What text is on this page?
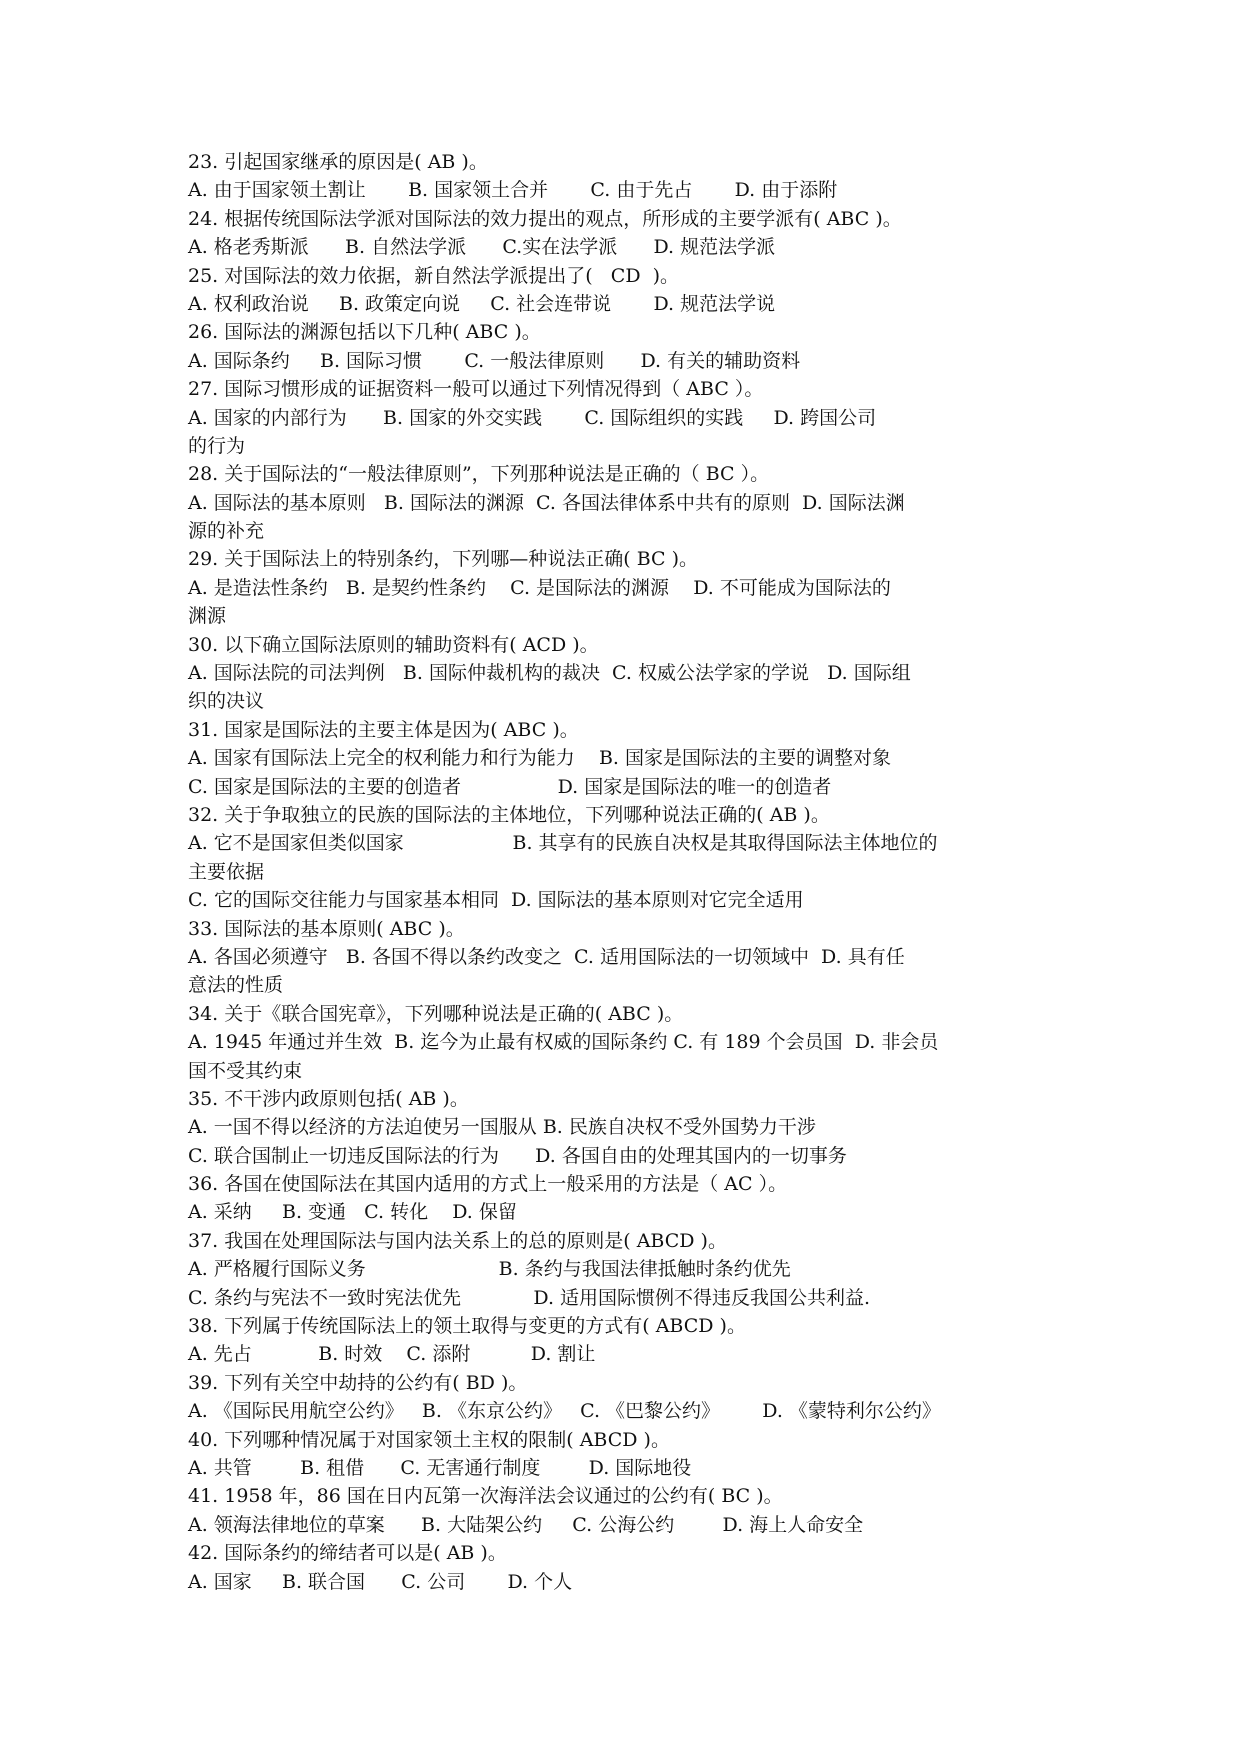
23. 引起国家继承的原因是( AB )。
A. 由于国家领土割让       B. 国家领土合并       C. 由于先占       D. 由于添附
24. 根据传统国际法学派对国际法的效力提出的观点，所形成的主要学派有( ABC )。
A. 格老秀斯派      B. 自然法学派      C.实在法学派      D. 规范法学派
25. 对国际法的效力依据，新自然法学派提出了(   CD  )。
A. 权利政治说     B. 政策定向说     C. 社会连带说       D. 规范法学说
26. 国际法的渊源包括以下几种( ABC )。
A. 国际条约     B. 国际习惯       C. 一般法律原则      D. 有关的辅助资料
27. 国际习惯形成的证据资料一般可以通过下列情况得到（ ABC ）。
A. 国家的内部行为      B. 国家的外交实践       C. 国际组织的实践     D. 跨国公司
的行为
28. 关于国际法的“一般法律原则”，下列那种说法是正确的（ BC ）。
A. 国际法的基本原则   B. 国际法的渊源  C. 各国法律体系中共有的原则  D. 国际法渊
源的补充
29. 关于国际法上的特别条约，下列哪—种说法正确( BC )。
A. 是造法性条约   B. 是契约性条约    C. 是国际法的渊源    D. 不可能成为国际法的
渊源
30. 以下确立国际法原则的辅助资料有( ACD )。
A. 国际法院的司法判例   B. 国际仲裁机构的裁决  C. 权威公法学家的学说   D. 国际组
织的决议
31. 国家是国际法的主要主体是因为( ABC )。
A. 国家有国际法上完全的权利能力和行为能力    B. 国家是国际法的主要的调整对象
C. 国家是国际法的主要的创造者                D. 国家是国际法的唯一的创造者
32. 关于争取独立的民族的国际法的主体地位，下列哪种说法正确的( AB )。
A. 它不是国家但类似国家                  B. 其享有的民族自决权是其取得国际法主体地位的
主要依据
C. 它的国际交往能力与国家基本相同  D. 国际法的基本原则对它完全适用
33. 国际法的基本原则( ABC )。
A. 各国必须遵守   B. 各国不得以条约改变之  C. 适用国际法的一切领域中  D. 具有任
意法的性质
34. 关于《联合国宪章》，下列哪种说法是正确的( ABC )。
A. 1945 年通过并生效  B. 迄今为止最有权威的国际条约 C. 有 189 个会员国  D. 非会员
国不受其约束
35. 不干涉内政原则包括( AB )。
A. 一国不得以经济的方法迫使另一国服从 B. 民族自决权不受外国势力干涉
C. 联合国制止一切违反国际法的行为      D. 各国自由的处理其国内的一切事务
36. 各国在使国际法在其国内适用的方式上一般采用的方法是（ AC ）。
A. 采纳     B. 变通   C. 转化    D. 保留
37. 我国在处理国际法与国内法关系上的总的原则是( ABCD )。
A. 严格履行国际义务                      B. 条约与我国法律抵触时条约优先
C. 条约与宪法不一致时宪法优先            D. 适用国际惯例不得违反我国公共利益.
38. 下列属于传统国际法上的领土取得与变更的方式有( ABCD )。
A. 先占           B. 时效    C. 添附          D. 割让
39. 下列有关空中劫持的公约有( BD )。
A. 《国际民用航空公约》   B. 《东京公约》   C. 《巴黎公约》       D. 《蒙特利尔公约》
40. 下列哪种情况属于对国家领土主权的限制( ABCD )。
A. 共管        B. 租借      C. 无害通行制度        D. 国际地役
41. 1958 年，86 国在日内瓦第一次海洋法会议通过的公约有( BC )。
A. 领海法律地位的草案      B. 大陆架公约     C. 公海公约        D. 海上人命安全
42. 国际条约的缔结者可以是( AB )。
A. 国家     B. 联合国      C. 公司       D. 个人
